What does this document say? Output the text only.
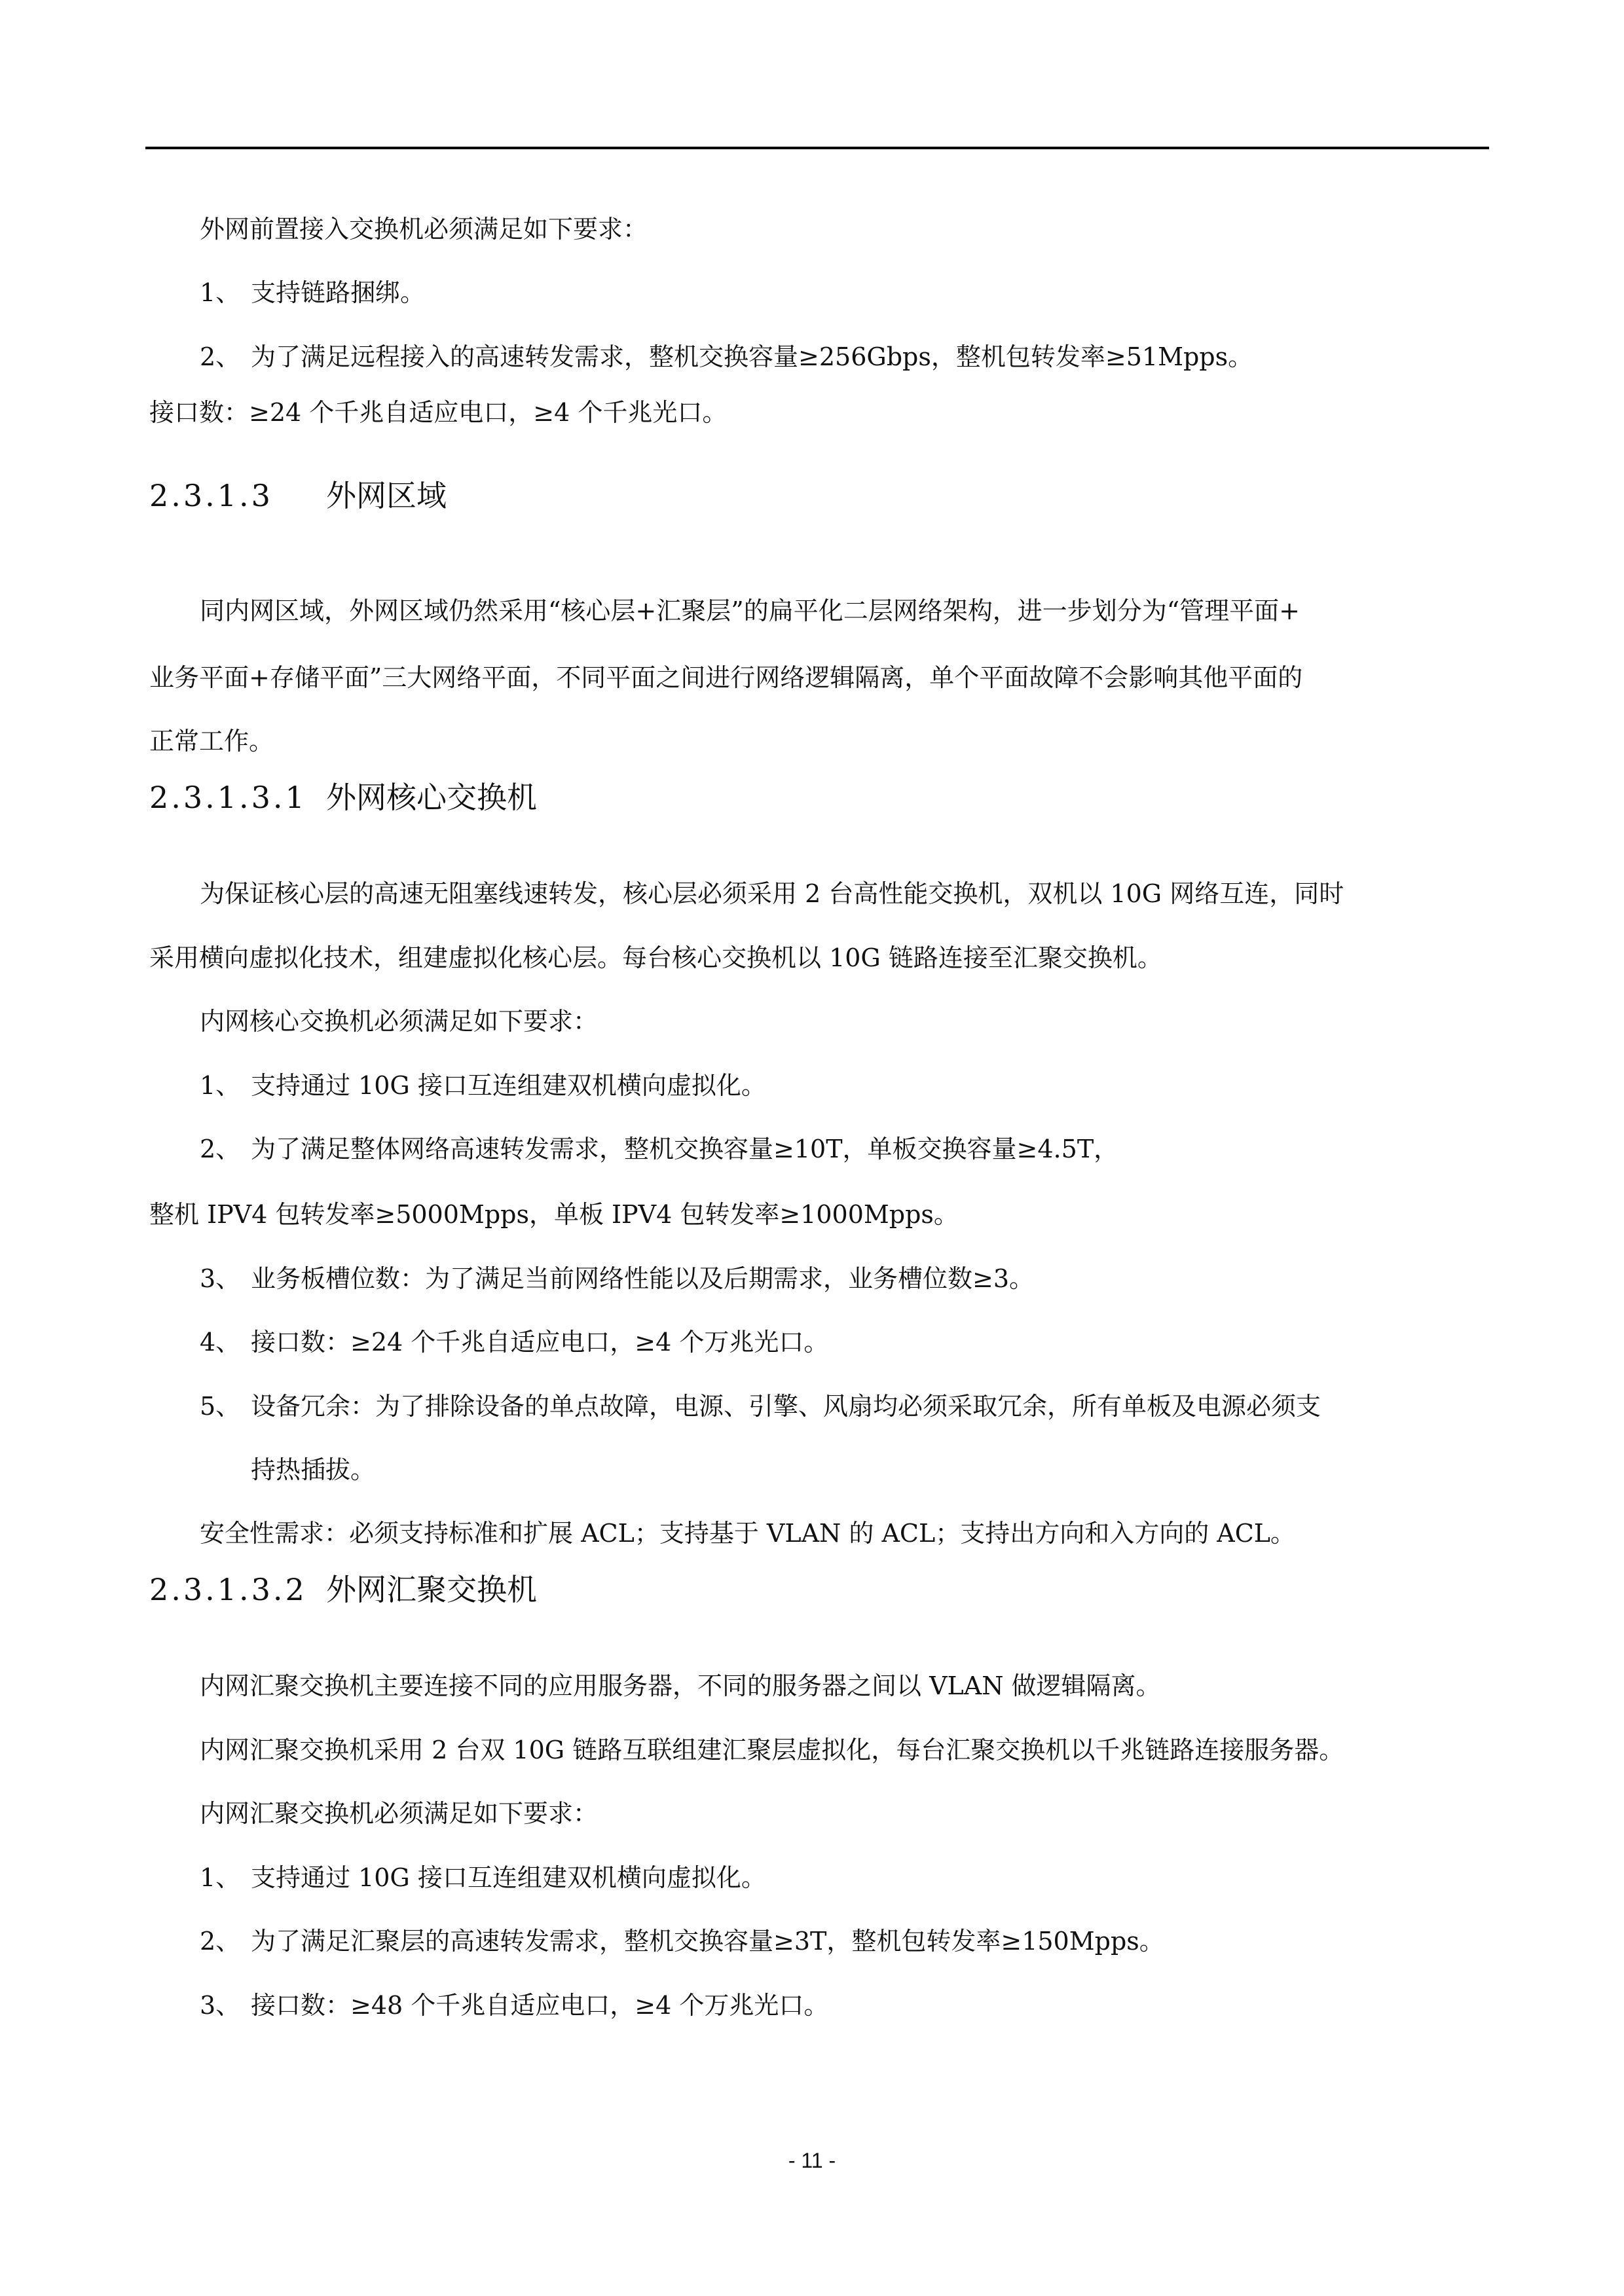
外网前置接入交换机必须满足如下要求：
1、 支持链路捆绑。
2、 为了满足远程接入的高速转发需求，整机交换容量≥256Gbps，整机包转发率≥51Mpps。
接口数：≥24 个千兆自适应电口，≥4 个千兆光口。
2.3.1.3 外网区域
同内网区域，外网区域仍然采用“核心层+汇聚层”的扁平化二层网络架构，进一步划分为“管理平面+
业务平面+存储平面”三大网络平面，不同平面之间进行网络逻辑隔离，单个平面故障不会影响其他平面的
正常工作。
2.3.1.3.1 外网核心交换机
为保证核心层的高速无阻塞线速转发，核心层必须采用 2 台高性能交换机，双机以 10G 网络互连，同时
采用横向虚拟化技术，组建虚拟化核心层。每台核心交换机以 10G 链路连接至汇聚交换机。
内网核心交换机必须满足如下要求：
1、 支持通过 10G 接口互连组建双机横向虚拟化。
2、 为了满足整体网络高速转发需求，整机交换容量≥10T，单板交换容量≥4.5T，
整机 IPV4 包转发率≥5000Mpps，单板 IPV4 包转发率≥1000Mpps。
3、 业务板槽位数：为了满足当前网络性能以及后期需求，业务槽位数≥3。
4、 接口数：≥24 个千兆自适应电口，≥4 个万兆光口。
5、 设备冗余：为了排除设备的单点故障，电源、引擎、风扇均必须采取冗余，所有单板及电源必须支
持热插拔。
安全性需求：必须支持标准和扩展 ACL；支持基于 VLAN 的 ACL；支持出方向和入方向的 ACL。
2.3.1.3.2 外网汇聚交换机
内网汇聚交换机主要连接不同的应用服务器，不同的服务器之间以 VLAN 做逻辑隔离。
内网汇聚交换机采用 2 台双 10G 链路互联组建汇聚层虚拟化，每台汇聚交换机以千兆链路连接服务器。
内网汇聚交换机必须满足如下要求：
1、 支持通过 10G 接口互连组建双机横向虚拟化。
2、 为了满足汇聚层的高速转发需求，整机交换容量≥3T，整机包转发率≥150Mpps。
3、 接口数：≥48 个千兆自适应电口，≥4 个万兆光口。
- 11 -
